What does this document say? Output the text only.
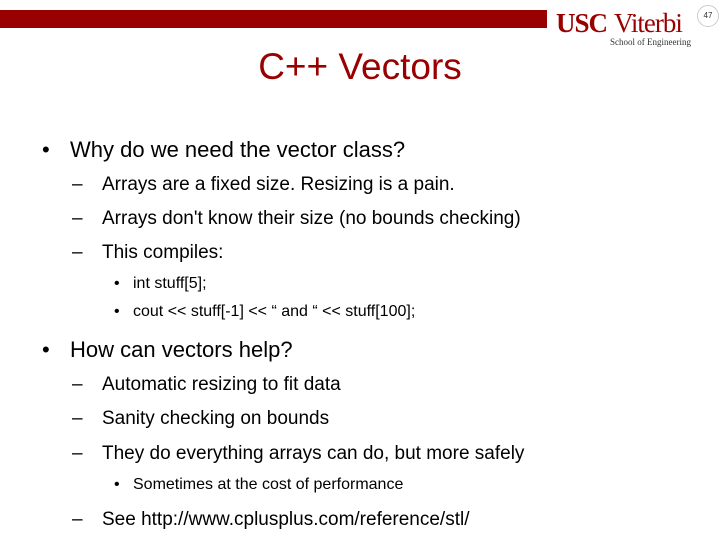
USC Viterbi
School of Engineering
47
C++ Vectors
• Why do we need the vector class?
– Arrays are a fixed size. Resizing is a pain.
– Arrays don't know their size (no bounds checking)
– This compiles:
• int stuff[5];
• cout << stuff[-1] << “ and “ << stuff[100];
• How can vectors help?
– Automatic resizing to fit data
– Sanity checking on bounds
– They do everything arrays can do, but more safely
• Sometimes at the cost of performance
– See http://www.cplusplus.com/reference/stl/
